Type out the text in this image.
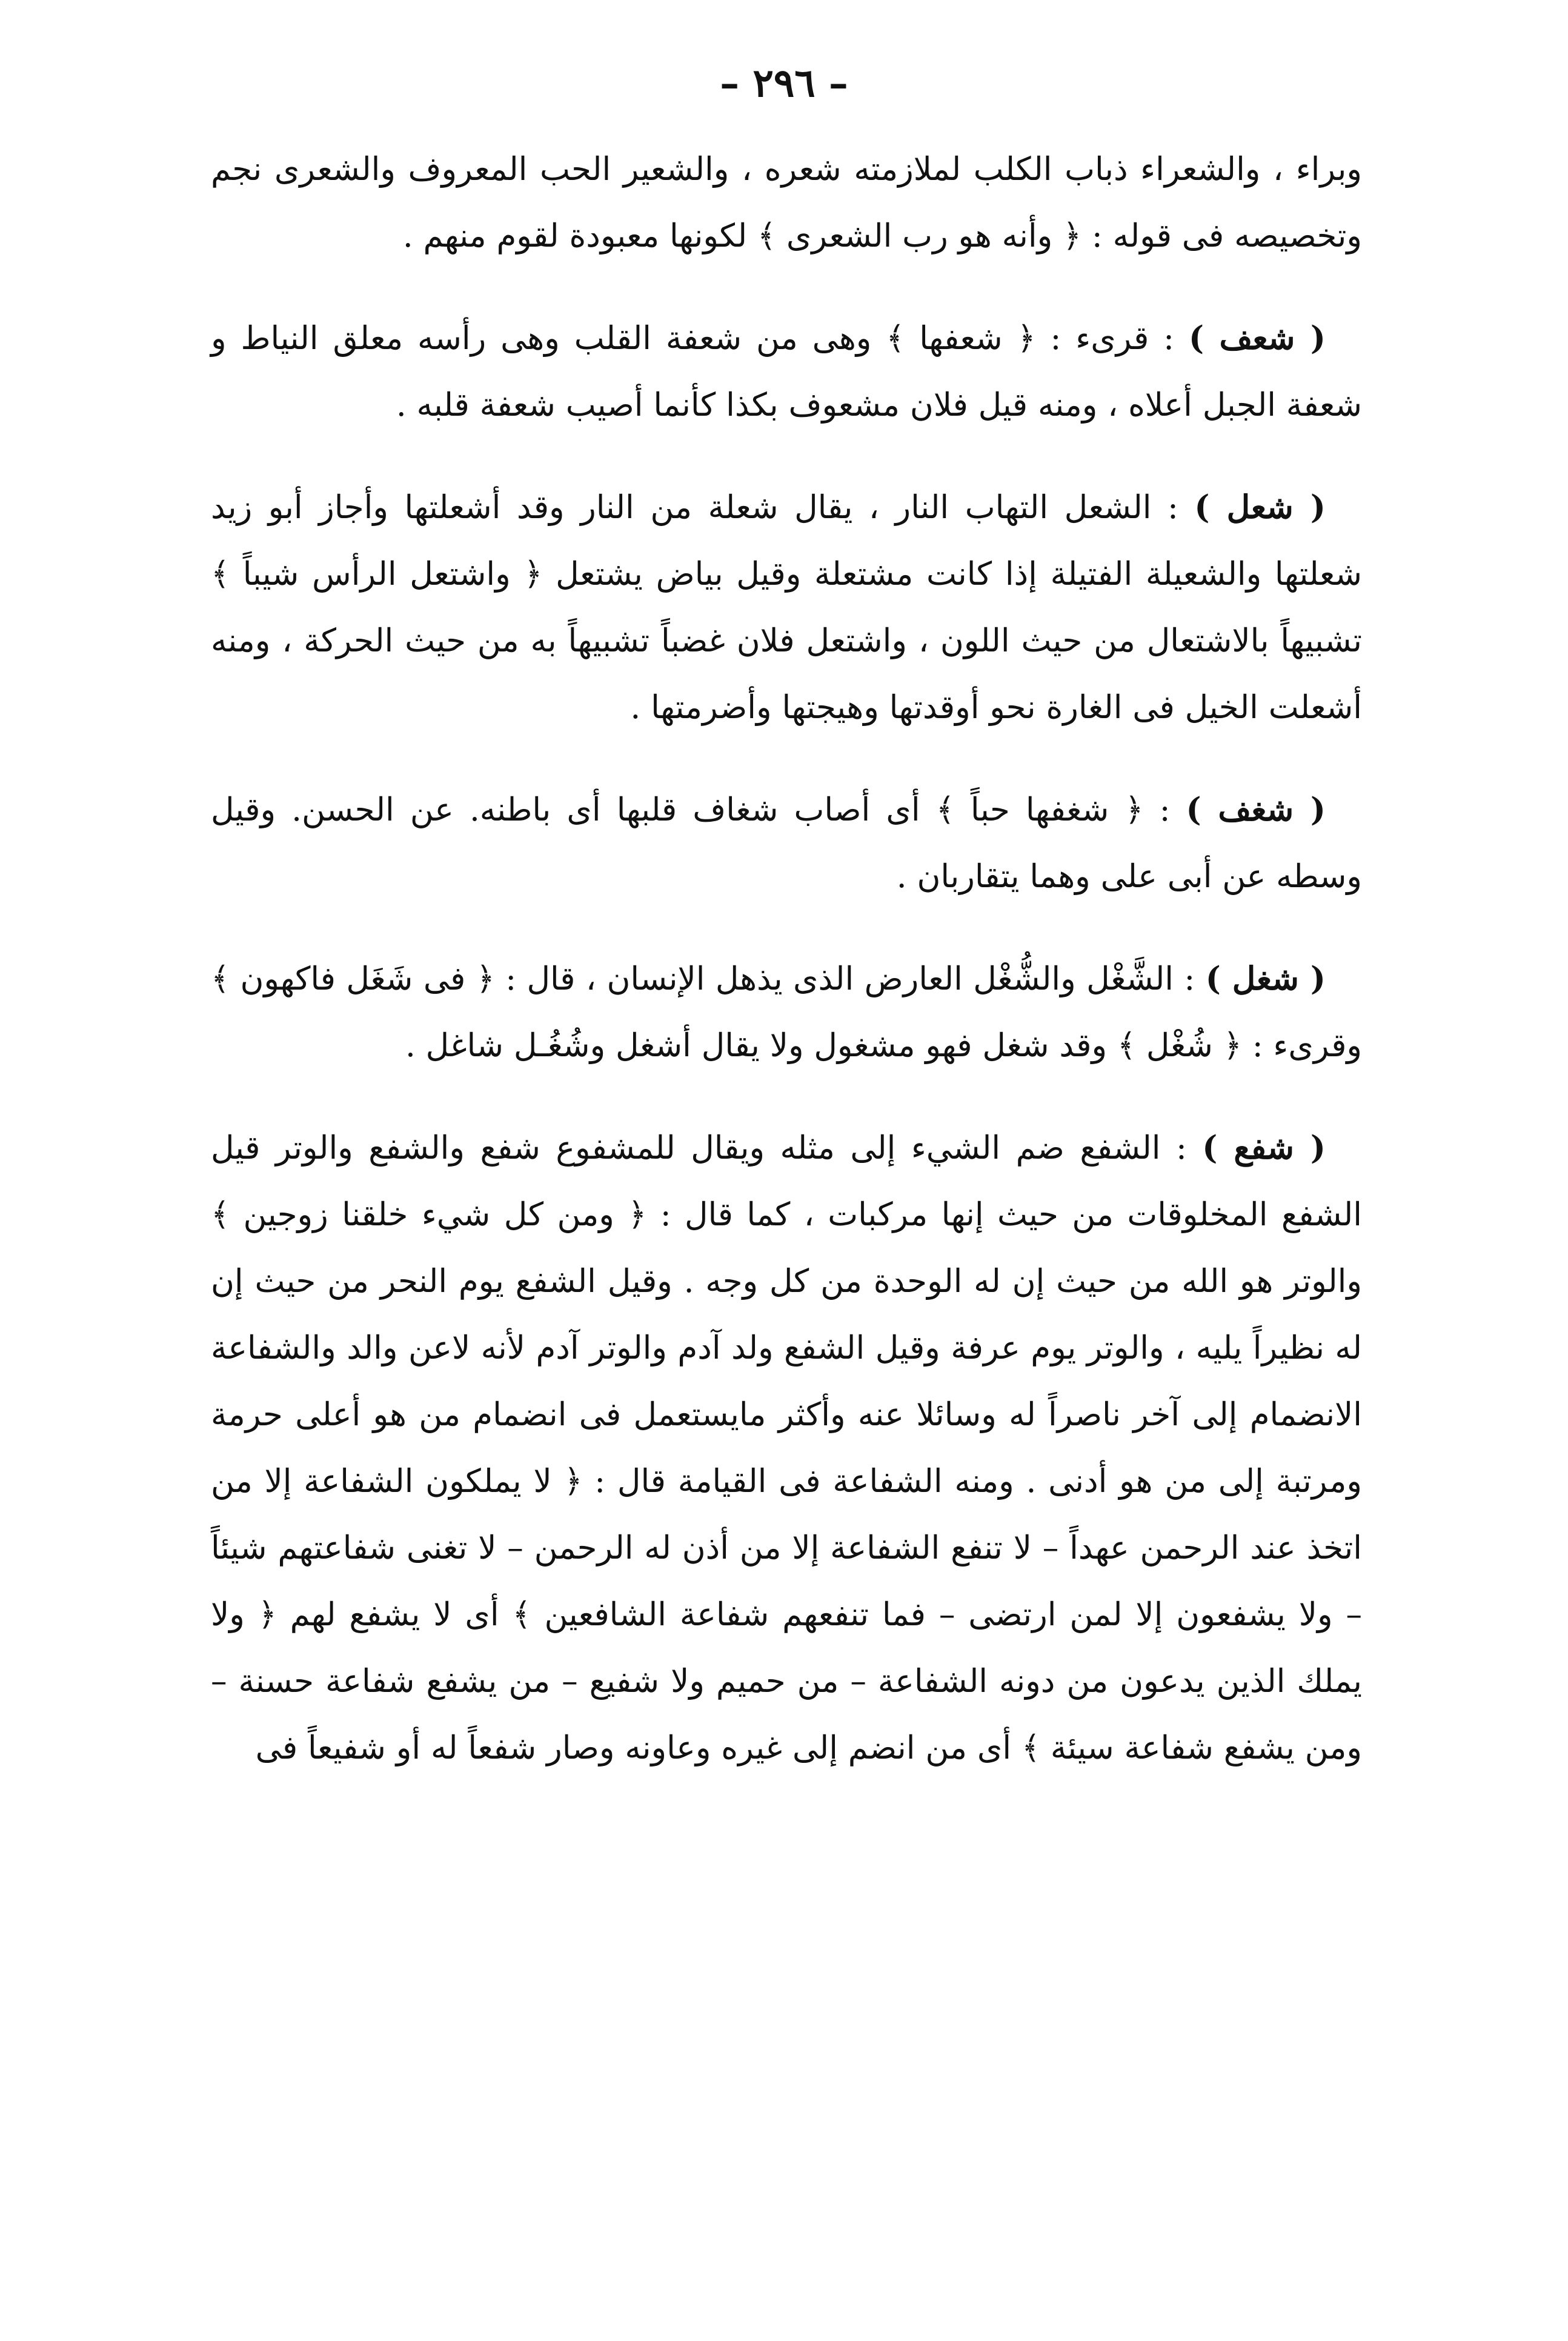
– ٢٩٦ –

وبراء ، والشعراء ذباب الكلب لملازمته شعره ، والشعير الحب المعروف والشعرى نجم وتخصيصه فى قوله : ﴿ وأنه هو رب الشعرى ﴾ لكونها معبودة لقوم منهم .

( شعف ) : قرىء : ﴿ شعفها ﴾ وهى من شعفة القلب وهى رأسه معلق النياط و شعفة الجبل أعلاه ، ومنه قيل فلان مشعوف بكذا كأنما أصيب شعفة قلبه .

( شعل ) : الشعل التهاب النار ، يقال شعلة من النار وقد أشعلتها وأجاز أبو زيد شعلتها والشعيلة الفتيلة إذا كانت مشتعلة وقيل بياض يشتعل ﴿ واشتعل الرأس شيباً ﴾ تشبيهاً بالاشتعال من حيث اللون ، واشتعل فلان غضباً تشبيهاً به من حيث الحركة ، ومنه أشعلت الخيل فى الغارة نحو أوقدتها وهيجتها وأضرمتها .

( شغف ) : ﴿ شغفها حباً ﴾ أى أصاب شغاف قلبها أى باطنه. عن الحسن. وقيل وسطه عن أبى على وهما يتقاربان .

( شغل ) : الشَّغْل والشُّغْل العارض الذى يذهل الإنسان ، قال : ﴿ فى شَغَل فاكهون ﴾ وقرىء : ﴿ شُغْل ﴾ وقد شغل فهو مشغول ولا يقال أشغل وشُغُـل شاغل .

( شفع ) : الشفع ضم الشيء إلى مثله ويقال للمشفوع شفع والشفع والوتر قيل الشفع المخلوقات من حيث إنها مركبات ، كما قال : ﴿ ومن كل شيء خلقنا زوجين ﴾ والوتر هو الله من حيث إن له الوحدة من كل وجه . وقيل الشفع يوم النحر من حيث إن له نظيراً يليه ، والوتر يوم عرفة وقيل الشفع ولد آدم والوتر آدم لأنه لاعن والد والشفاعة الانضمام إلى آخر ناصراً له وسائلا عنه وأكثر مايستعمل فى انضمام من هو أعلى حرمة ومرتبة إلى من هو أدنى . ومنه الشفاعة فى القيامة قال : ﴿ لا يملكون الشفاعة إلا من اتخذ عند الرحمن عهداً – لا تنفع الشفاعة إلا من أذن له الرحمن – لا تغنى شفاعتهم شيئاً – ولا يشفعون إلا لمن ارتضى – فما تنفعهم شفاعة الشافعين ﴾ أى لا يشفع لهم ﴿ ولا يملك الذين يدعون من دونه الشفاعة – من حميم ولا شفيع – من يشفع شفاعة حسنة – ومن يشفع شفاعة سيئة ﴾ أى من انضم إلى غيره وعاونه وصار شفعاً له أو شفيعاً فى
